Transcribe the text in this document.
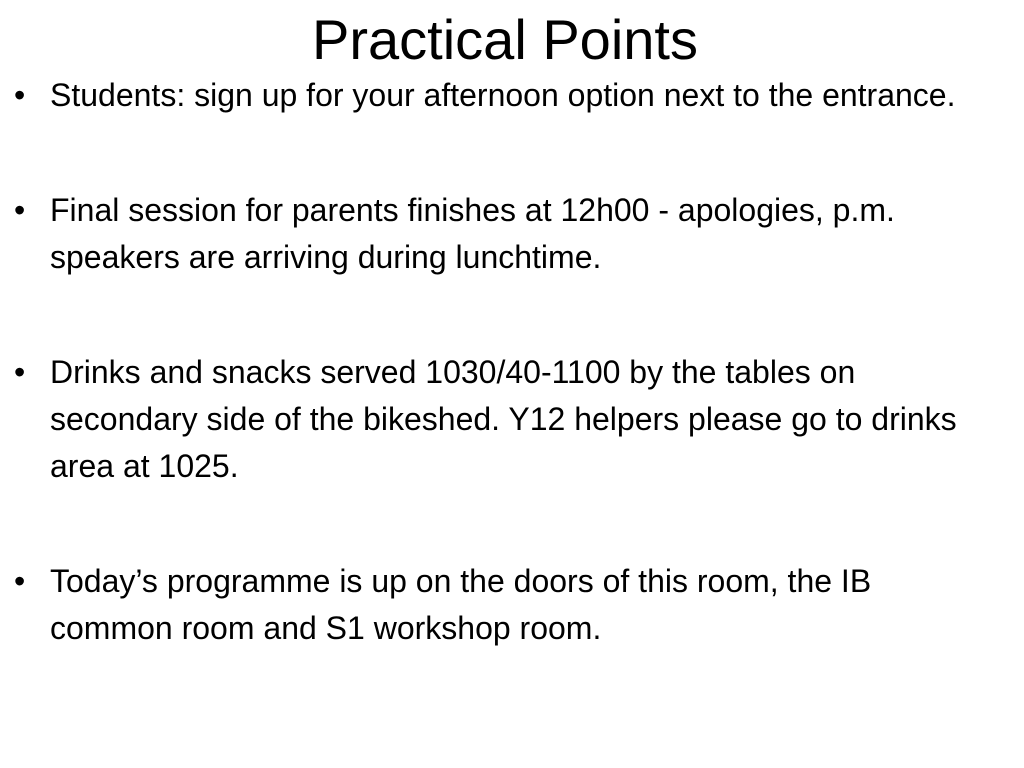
Practical Points
• Students: sign up for your afternoon option next to the entrance.
• Final session for parents finishes at 12h00 - apologies, p.m. speakers are arriving during lunchtime.
• Drinks and snacks served 1030/40-1100 by the tables on secondary side of the bikeshed. Y12 helpers please go to drinks area at 1025.
• Today’s programme is up on the doors of this room, the IB common room and S1 workshop room.
